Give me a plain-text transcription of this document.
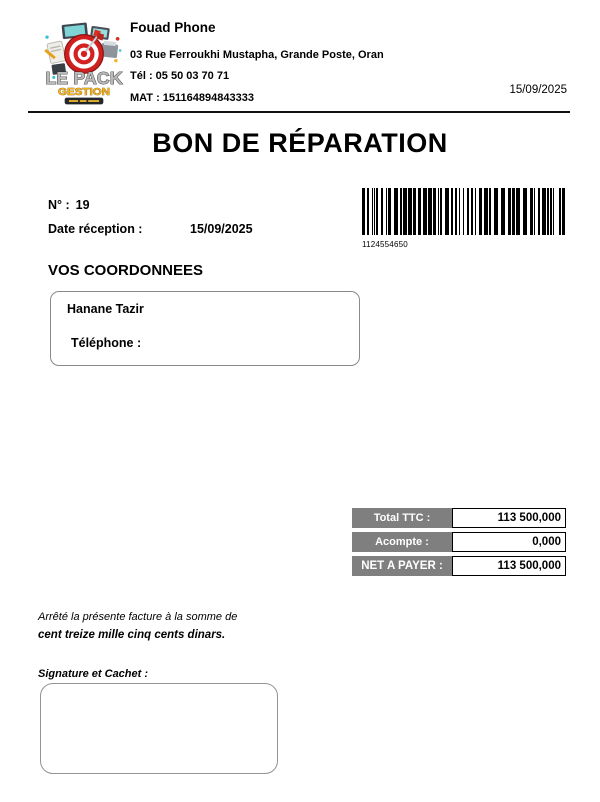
LE PACK
GESTION
Fouad Phone
03 Rue Ferroukhi Mustapha, Grande Poste, Oran
Tél : 05 50 03 70 71
MAT : 151164894843333
15/09/2025
BON DE RÉPARATION
N° : 19
Date réception :	15/09/2025
1124554650
VOS COORDONNEES
Hanane Tazir
Téléphone :
Total TTC :	113 500,000
Acompte :	0,000
NET A PAYER :	113 500,000
Arrêté la présente facture à la somme de
cent treize mille cinq cents dinars.
Signature et Cachet :
